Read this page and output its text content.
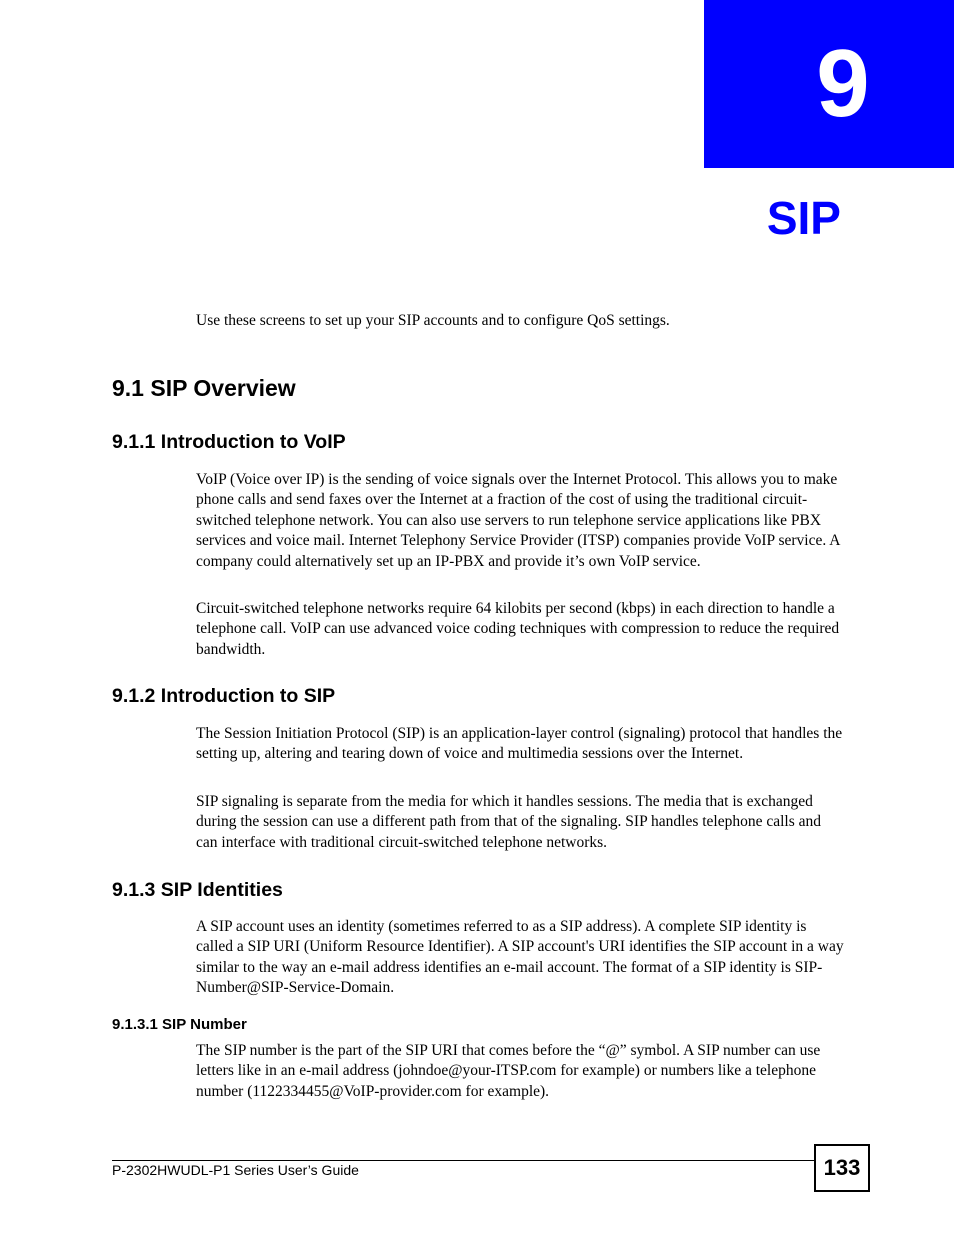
9
SIP

Use these screens to set up your SIP accounts and to configure QoS settings.

9.1 SIP Overview
9.1.1 Introduction to VoIP

VoIP (Voice over IP) is the sending of voice signals over the Internet Protocol. This allows you to make phone calls and send faxes over the Internet at a fraction of the cost of using the traditional circuit-switched telephone network. You can also use servers to run telephone service applications like PBX services and voice mail. Internet Telephony Service Provider (ITSP) companies provide VoIP service. A company could alternatively set up an IP-PBX and provide it’s own VoIP service.

Circuit-switched telephone networks require 64 kilobits per second (kbps) in each direction to handle a telephone call. VoIP can use advanced voice coding techniques with compression to reduce the required bandwidth.

9.1.2 Introduction to SIP

The Session Initiation Protocol (SIP) is an application-layer control (signaling) protocol that handles the setting up, altering and tearing down of voice and multimedia sessions over the Internet.

SIP signaling is separate from the media for which it handles sessions. The media that is exchanged during the session can use a different path from that of the signaling. SIP handles telephone calls and can interface with traditional circuit-switched telephone networks.

9.1.3 SIP Identities

A SIP account uses an identity (sometimes referred to as a SIP address). A complete SIP identity is called a SIP URI (Uniform Resource Identifier). A SIP account's URI identifies the SIP account in a way similar to the way an e-mail address identifies an e-mail account. The format of a SIP identity is SIP-Number@SIP-Service-Domain.

9.1.3.1 SIP Number

The SIP number is the part of the SIP URI that comes before the “@” symbol. A SIP number can use letters like in an e-mail address (johndoe@your-ITSP.com for example) or numbers like a telephone number (1122334455@VoIP-provider.com for example).

P-2302HWUDL-P1 Series User’s Guide	133
